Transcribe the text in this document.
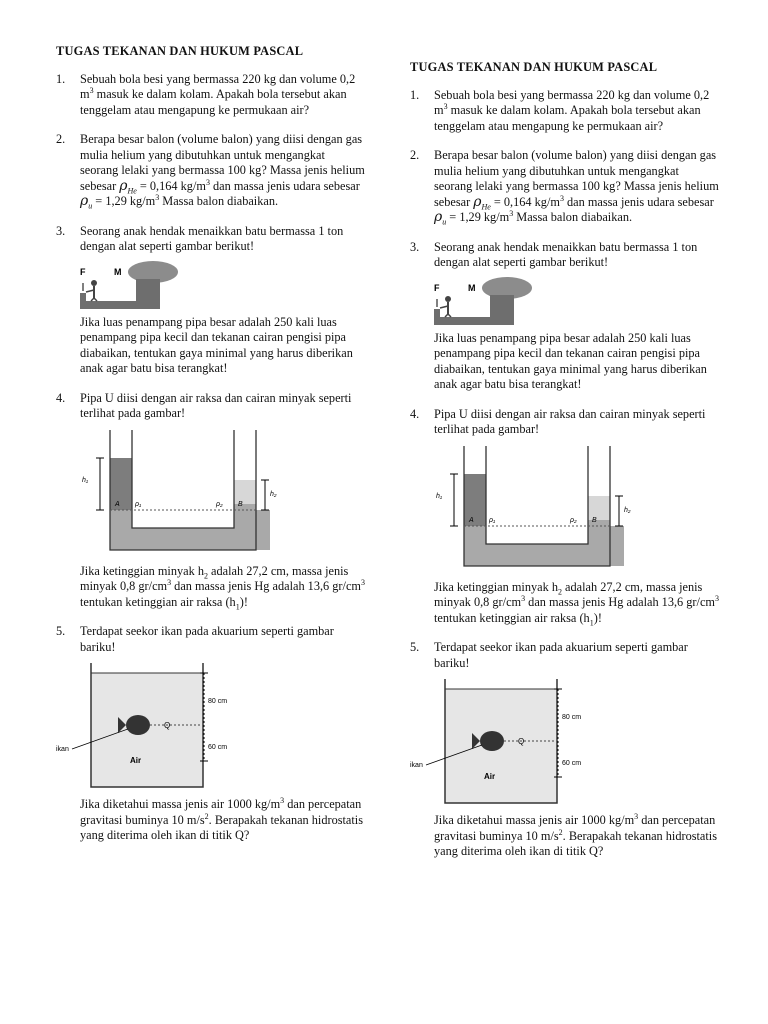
TUGAS TEKANAN DAN HUKUM PASCAL
1.	Sebuah bola besi yang bermassa 220 kg dan volume 0,2 $m^3$ masuk ke dalam kolam. Apakah bola tersebut akan tenggelam atau mengapung ke permukaan air?

2.	Berapa besar balon (volume balon) yang diisi dengan gas mulia helium yang dibutuhkan untuk mengangkat seorang lelaki yang bermassa 100 kg? Massa jenis helium sebesar $\rho_{He} = 0,164$ $kg/m^3$ dan massa jenis udara sebesar $\rho_u = 1,29$ $kg/m^3$ Massa balon diabaikan.

3.	Seorang anak hendak menaikkan batu bermassa 1 ton dengan alat seperti gambar berikut!

F	M

Jika luas penampang pipa besar adalah 250 kali luas penampang pipa kecil dan tekanan cairan pengisi pipa diabaikan, tentukan gaya minimal yang harus diberikan anak agar batu bisa terangkat!

4.	Pipa U diisi dengan air raksa dan cairan minyak seperti terlihat pada gambar!

h₁
h₂
A	B
ρ₁	ρ₂

Jika ketinggian minyak $h_2$ adalah 27,2 cm, massa jenis minyak 0,8 $gr/cm^3$ dan massa jenis Hg adalah 13,6 $gr/cm^3$ tentukan ketinggian air raksa $(h_1)$!

5.	Terdapat seekor ikan pada akuarium seperti gambar bariku!

Q
80 cm
60 cm
ikan
Air

Jika diketahui massa jenis air 1000 $kg/m^3$ dan percepatan gravitasi buminya 10 $m/s^2$. Berapakah tekanan hidrostatis yang diterima oleh ikan di titik Q?

TUGAS TEKANAN DAN HUKUM PASCAL
1.	Sebuah bola besi yang bermassa 220 kg dan volume 0,2 $m^3$ masuk ke dalam kolam. Apakah bola tersebut akan tenggelam atau mengapung ke permukaan air?

2.	Berapa besar balon (volume balon) yang diisi dengan gas mulia helium yang dibutuhkan untuk mengangkat seorang lelaki yang bermassa 100 kg? Massa jenis helium sebesar $\rho_{He} = 0,164$ $kg/m^3$ dan massa jenis udara sebesar $\rho_u = 1,29$ $kg/m^3$ Massa balon diabaikan.

3.	Seorang anak hendak menaikkan batu bermassa 1 ton dengan alat seperti gambar berikut!

F	M

Jika luas penampang pipa besar adalah 250 kali luas penampang pipa kecil dan tekanan cairan pengisi pipa diabaikan, tentukan gaya minimal yang harus diberikan anak agar batu bisa terangkat!

4.	Pipa U diisi dengan air raksa dan cairan minyak seperti terlihat pada gambar!

h₁
h₂
A	B
ρ₁	ρ₂

Jika ketinggian minyak $h_2$ adalah 27,2 cm, massa jenis minyak 0,8 $gr/cm^3$ dan massa jenis Hg adalah 13,6 $gr/cm^3$ tentukan ketinggian air raksa $(h_1)$!

5.	Terdapat seekor ikan pada akuarium seperti gambar bariku!

Q
80 cm
60 cm
ikan
Air

Jika diketahui massa jenis air 1000 $kg/m^3$ dan percepatan gravitasi buminya 10 $m/s^2$. Berapakah tekanan hidrostatis yang diterima oleh ikan di titik Q?
